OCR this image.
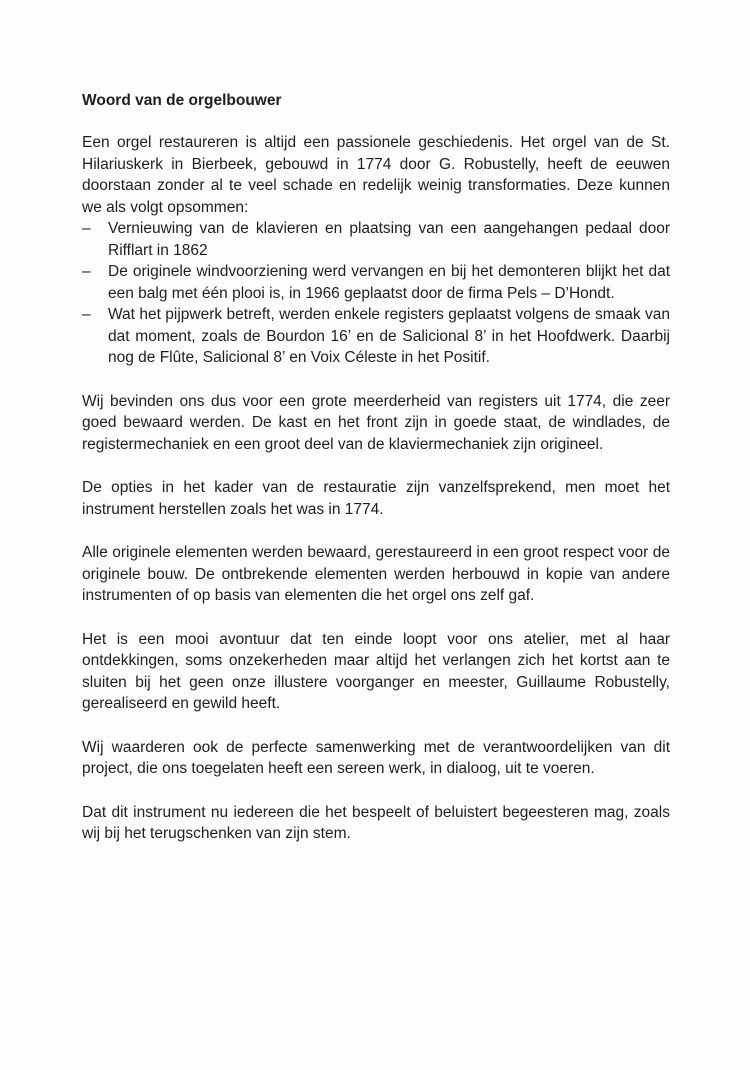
Woord van de orgelbouwer

Een orgel restaureren is altijd een passionele geschiedenis. Het orgel van de St. Hilariuskerk in Bierbeek, gebouwd in 1774 door G. Robustelly, heeft de eeuwen doorstaan zonder al te veel schade en redelijk weinig transformaties. Deze kunnen we als volgt opsommen:

– Vernieuwing van de klavieren en plaatsing van een aangehangen pedaal door Rifflart in 1862
– De originele windvoorziening werd vervangen en bij het demonteren blijkt het dat een balg met één plooi is, in 1966 geplaatst door de firma Pels – D’Hondt.
– Wat het pijpwerk betreft, werden enkele registers geplaatst volgens de smaak van dat moment, zoals de Bourdon 16’ en de Salicional 8’ in het Hoofdwerk. Daarbij nog de Flûte, Salicional 8’ en Voix Céleste in het Positif.

Wij bevinden ons dus voor een grote meerderheid van registers uit 1774, die zeer goed bewaard werden. De kast en het front zijn in goede staat, de windlades, de registermechaniek en een groot deel van de klaviermechaniek zijn origineel.

De opties in het kader van de restauratie zijn vanzelfsprekend, men moet het instrument herstellen zoals het was in 1774.

Alle originele elementen werden bewaard, gerestaureerd in een groot respect voor de originele bouw. De ontbrekende elementen werden herbouwd in kopie van andere instrumenten of op basis van elementen die het orgel ons zelf gaf.

Het is een mooi avontuur dat ten einde loopt voor ons atelier, met al haar ontdekkingen, soms onzekerheden maar altijd het verlangen zich het kortst aan te sluiten bij het geen onze illustere voorganger en meester, Guillaume Robustelly, gerealiseerd en gewild heeft.

Wij waarderen ook de perfecte samenwerking met de verantwoordelijken van dit project, die ons toegelaten heeft een sereen werk, in dialoog, uit te voeren.

Dat dit instrument nu iedereen die het bespeelt of beluistert begeesteren mag, zoals wij bij het terugschenken van zijn stem.
